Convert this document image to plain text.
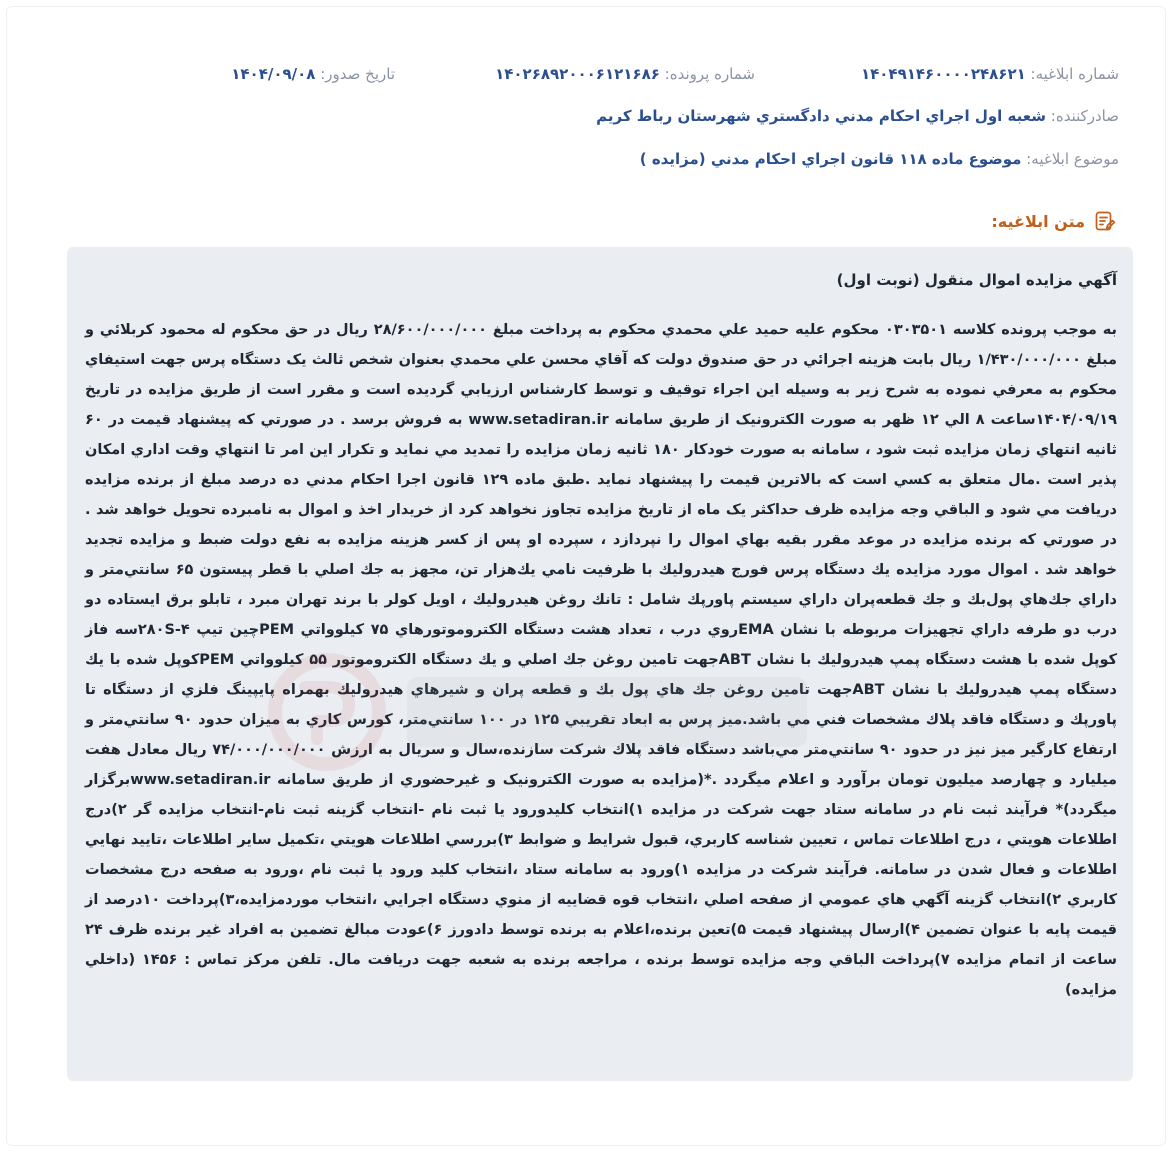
شماره ابلاغيه: ۱۴۰۴۹۱۴۶۰۰۰۰۲۴۸۶۲۱
شماره پرونده: ۱۴۰۲۶۸۹۲۰۰۰۶۱۲۱۶۸۶
تاريخ صدور: ۱۴۰۴/۰۹/۰۸
صادرکننده: شعبه اول اجراي احکام مدني دادگستري شهرستان رباط کريم
موضوع ابلاغيه: موضوع ماده ۱۱۸ قانون اجراي احکام مدني (مزايده )
متن ابلاغيه:

آگهي مزايده اموال منقول (نوبت اول)

به موجب پرونده کلاسه ۰۳۰۳۵۰۱ محکوم عليه حميد علي محمدي محکوم به پرداخت مبلغ ۲۸/۶۰۰/۰۰۰/۰۰۰ ريال در حق محکوم له محمود کربلائي و مبلغ ۱/۴۳۰/۰۰۰/۰۰۰ ريال بابت هزينه اجرائي در حق صندوق دولت که آقاي محسن علي محمدي بعنوان شخص ثالث يک دستگاه پرس جهت استيفاي محکوم به معرفي نموده به شرح زير به وسيله اين اجراء توقيف و توسط کارشناس ارزيابي گرديده است و مقرر است از طريق مزايده در تاريخ ۱۴۰۴/۰۹/۱۹ساعت ۸ الي ۱۲ ظهر به صورت الکترونيک از طريق سامانه www.setadiran.ir به فروش برسد . در صورتي که پيشنهاد قيمت در ۶۰ ثانيه انتهاي زمان مزايده ثبت شود ، سامانه به صورت خودکار ۱۸۰ ثانيه زمان مزايده را تمديد مي نمايد و تکرار اين امر تا انتهاي وقت اداري امکان پذير است .مال متعلق به کسي است که بالاترين قيمت را پيشنهاد نمايد .طبق ماده ۱۲۹ قانون اجرا احکام مدني ده درصد مبلغ از برنده مزايده دريافت مي شود و الباقي وجه مزايده ظرف حداکثر يک ماه از تاريخ مزايده تجاوز نخواهد کرد از خريدار اخذ و اموال به نامبرده تحويل خواهد شد . در صورتي که برنده مزايده در موعد مقرر بقيه بهاي اموال را نپردازد ، سپرده او پس از کسر هزينه مزايده به نفع دولت ضبط و مزايده تجديد خواهد شد . اموال مورد مزايده يك دستگاه پرس فورج هيدروليك با ظرفيت نامي يك‌هزار تن، مجهز به جك اصلي با قطر پيستون ۶۵ سانتي‌متر و داراي جك‌هاي پول‌بك و جك قطعه‌پران داراي سيستم پاورپك شامل : تانك روغن هيدروليك ، اويل كولر با برند تهران مبرد ، تابلو برق ايستاده دو درب دو طرفه داراي تجهيزات مربوطه با نشان EMAروي درب ، تعداد هشت دستگاه الكتروموتورهاي ۷۵ كيلوواتي PEMچين تيپ ۲۸۰S-۴سه فاز كوپل شده با هشت دستگاه پمپ هيدروليك با نشان ABTجهت تامين روغن جك اصلي و يك دستگاه الكتروموتور ۵۵ كيلوواتي PEMكوپل شده با يك دستگاه پمپ هيدروليك با نشان ABTجهت تامين روغن جك هاي پول بك و قطعه پران و شيرهاي هيدروليك بهمراه پايپينگ فلزي از دستگاه تا پاورپك و دستگاه فاقد پلاك مشخصات فني مي باشد.ميز پرس به ابعاد تقريبي ۱۲۵ در ۱۰۰ سانتي‌متر، كورس كاري به ميزان حدود ۹۰ سانتي‌متر و ارتفاع كارگير ميز نيز در حدود ۹۰ سانتي‌متر مي‌باشد دستگاه فاقد پلاك شركت سازنده،سال و سريال به ارزش ۷۴/۰۰۰/۰۰۰/۰۰۰ ريال معادل هفت ميليارد و چهارصد ميليون تومان برآورد و اعلام ميگردد .*(مزايده به صورت الکترونيک و غيرحضوري از طريق سامانه www.setadiran.irبرگزار ميگردد)* فرآيند ثبت نام در سامانه ستاد جهت شرکت در مزايده ۱)انتخاب کليدورود يا ثبت نام -انتخاب گزينه ثبت نام-انتخاب مزايده گر ۲)درج اطلاعات هويتي ، درج اطلاعات تماس ، تعيين شناسه کاربري، قبول شرايط و ضوابط ۳)بررسي اطلاعات هويتي ،تکميل ساير اطلاعات ،تاييد نهايي اطلاعات و فعال شدن در سامانه. فرآيند شرکت در مزايده ۱)ورود به سامانه ستاد ،انتخاب کليد ورود يا ثبت نام ،ورود به صفحه درج مشخصات کاربري ۲)انتخاب گزينه آگهي هاي عمومي از صفحه اصلي ،انتخاب قوه قضاييه از منوي دستگاه اجرايي ،انتخاب موردمزايده،۳)پرداخت ۱۰درصد از قيمت پايه با عنوان تضمين ۴)ارسال پيشنهاد قيمت ۵)تعين برنده،اعلام به برنده توسط دادورز ۶)عودت مبالغ تضمين به افراد غير برنده ظرف ۲۴ ساعت از اتمام مزايده ۷)پرداخت الباقي وجه مزايده توسط برنده ، مراجعه برنده به شعبه جهت دريافت مال. تلفن مرکز تماس : ۱۴۵۶ (داخلي مزايده)
